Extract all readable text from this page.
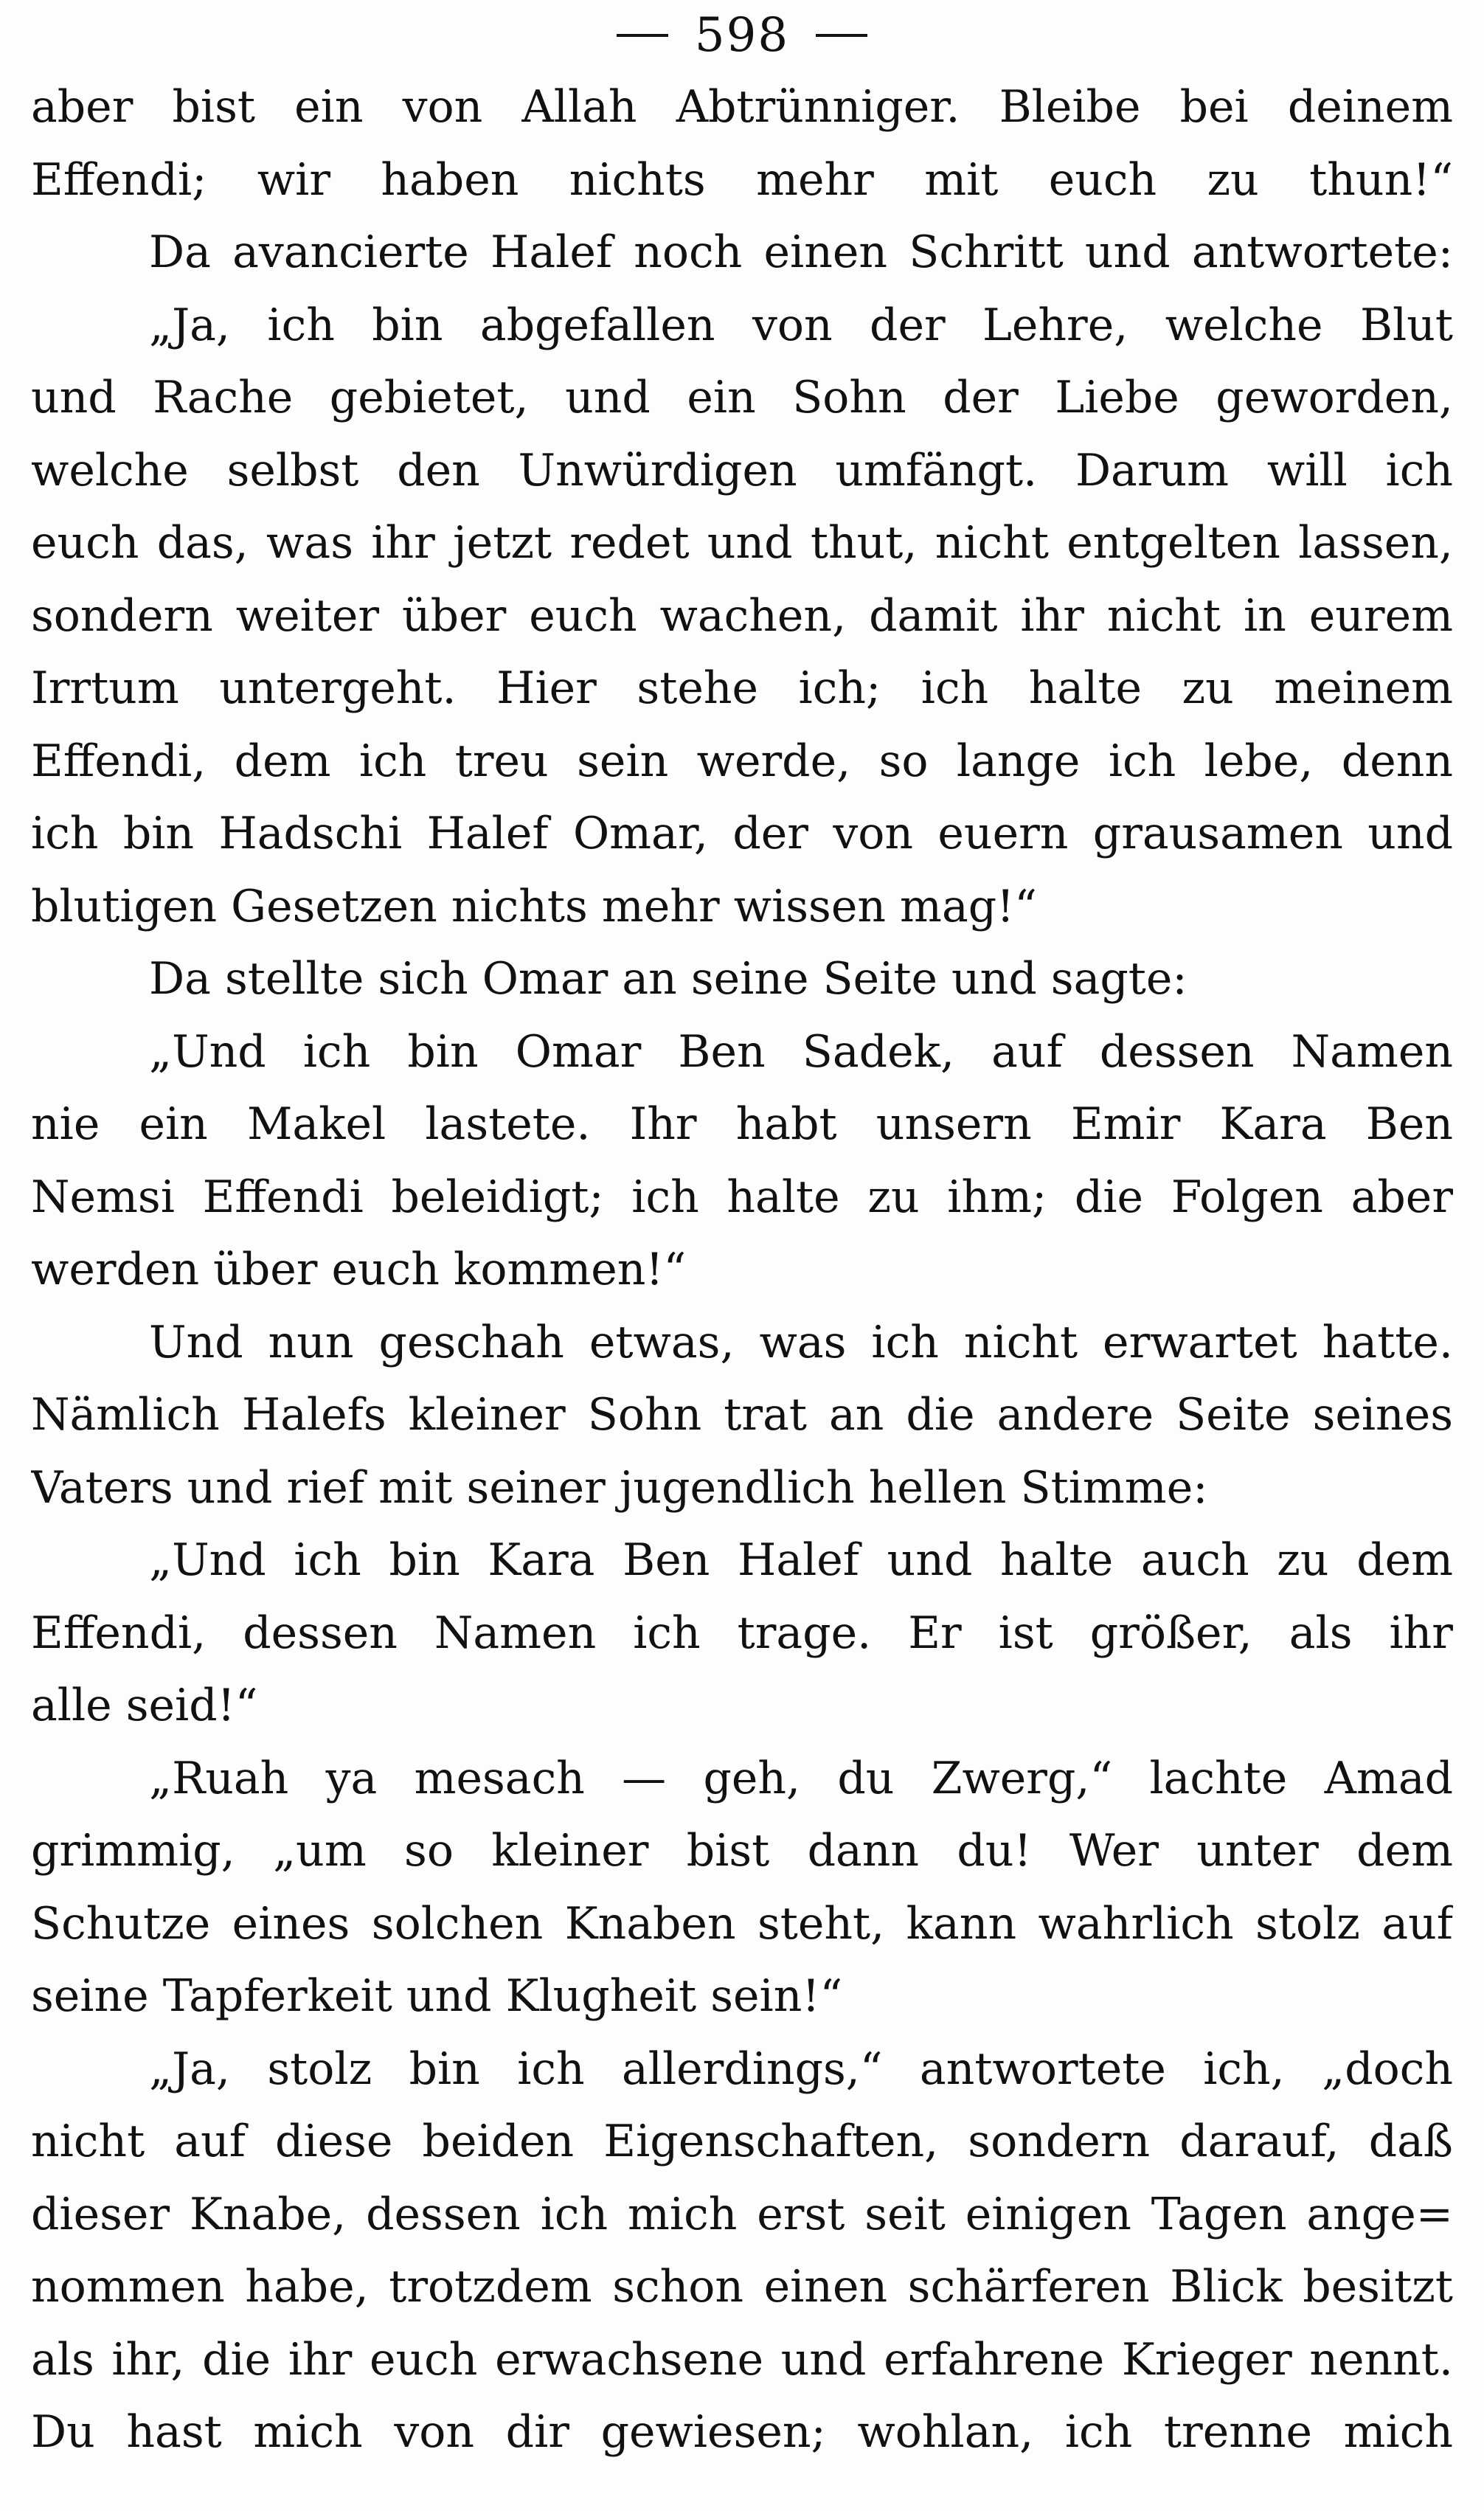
598
aber bist ein von Allah Abtrünniger. Bleibe bei deinem
Effendi; wir haben nichts mehr mit euch zu thun!“
Da avancierte Halef noch einen Schritt und antwortete:
„Ja, ich bin abgefallen von der Lehre, welche Blut
und Rache gebietet, und ein Sohn der Liebe geworden,
welche selbst den Unwürdigen umfängt. Darum will ich
euch das, was ihr jetzt redet und thut, nicht entgelten lassen,
sondern weiter über euch wachen, damit ihr nicht in eurem
Irrtum untergeht. Hier stehe ich; ich halte zu meinem
Effendi, dem ich treu sein werde, so lange ich lebe, denn
ich bin Hadschi Halef Omar, der von euern grausamen und
blutigen Gesetzen nichts mehr wissen mag!“
Da stellte sich Omar an seine Seite und sagte:
„Und ich bin Omar Ben Sadek, auf dessen Namen
nie ein Makel lastete. Ihr habt unsern Emir Kara Ben
Nemsi Effendi beleidigt; ich halte zu ihm; die Folgen aber
werden über euch kommen!“
Und nun geschah etwas, was ich nicht erwartet hatte.
Nämlich Halefs kleiner Sohn trat an die andere Seite seines
Vaters und rief mit seiner jugendlich hellen Stimme:
„Und ich bin Kara Ben Halef und halte auch zu dem
Effendi, dessen Namen ich trage. Er ist größer, als ihr
alle seid!“
„Ruah ya mesach — geh, du Zwerg,“ lachte Amad
grimmig, „um so kleiner bist dann du! Wer unter dem
Schutze eines solchen Knaben steht, kann wahrlich stolz auf
seine Tapferkeit und Klugheit sein!“
„Ja, stolz bin ich allerdings,“ antwortete ich, „doch
nicht auf diese beiden Eigenschaften, sondern darauf, daß
dieser Knabe, dessen ich mich erst seit einigen Tagen ange=
nommen habe, trotzdem schon einen schärferen Blick besitzt
als ihr, die ihr euch erwachsene und erfahrene Krieger nennt.
Du hast mich von dir gewiesen; wohlan, ich trenne mich
